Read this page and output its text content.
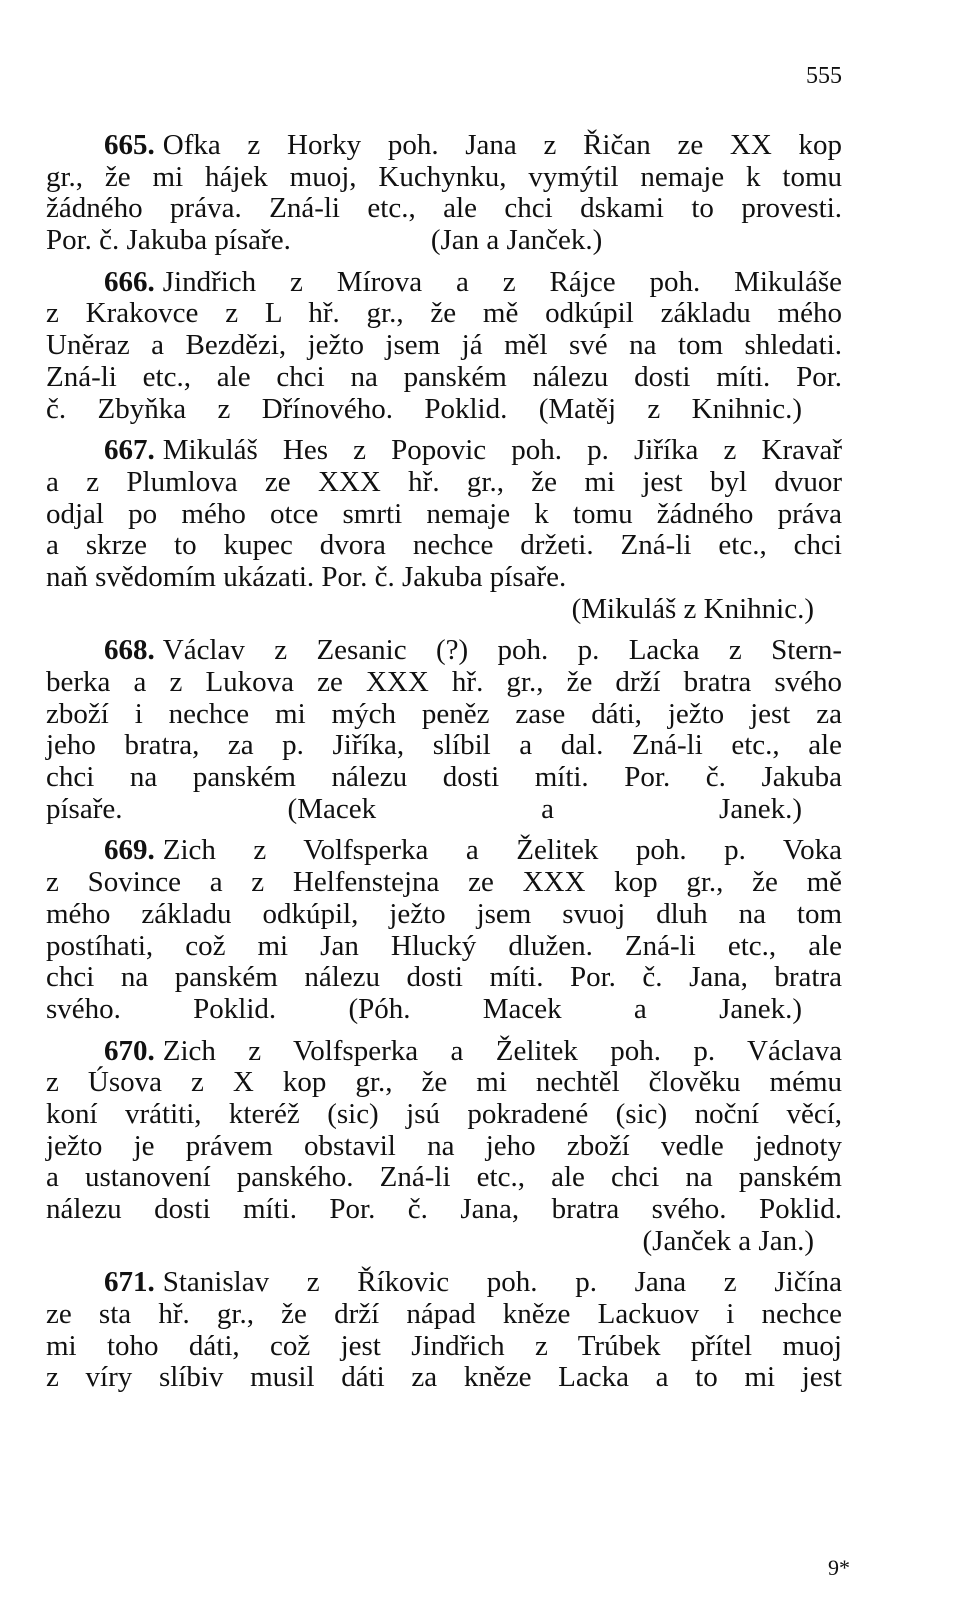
555
665. Ofka z Horky poh. Jana z Řičan ze XX kop
gr., že mi hájek muoj, Kuchynku, vymýtil nemaje k tomu
žádného práva. Zná-li etc., ale chci dskami to provesti.
Por. č. Jakuba písaře.	(Jan a Janček.)
666. Jindřich z Mírova a z Rájce poh. Mikuláše
z Krakovce z L hř. gr., že mě odkúpil základu mého
Uněraz a Bezdězi, ježto jsem já měl své na tom shledati.
Zná-li etc., ale chci na panském nálezu dosti míti. Por.
č. Zbyňka z Dřínového. Poklid. (Matěj z Knihnic.)
667. Mikuláš Hes z Popovic poh. p. Jiříka z Kravař
a z Plumlova ze XXX hř. gr., že mi jest byl dvuor
odjal po mého otce smrti nemaje k tomu žádného práva
a skrze to kupec dvora nechce držeti. Zná-li etc., chci
naň svědomím ukázati. Por. č. Jakuba písaře.
(Mikuláš z Knihnic.)
668. Václav z Zesanic (?) poh. p. Lacka z Stern-
berka a z Lukova ze XXX hř. gr., že drží bratra svého
zboží i nechce mi mých peněz zase dáti, ježto jest za
jeho bratra, za p. Jiříka, slíbil a dal. Zná-li etc., ale
chci na panském nálezu dosti míti. Por. č. Jakuba
písaře.	(Macek a Janek.)
669. Zich z Volfsperka a Želitek poh. p. Voka
z Sovince a z Helfenstejna ze XXX kop gr., že mě
mého základu odkúpil, ježto jsem svuoj dluh na tom
postíhati, což mi Jan Hlucký dlužen. Zná-li etc., ale
chci na panském nálezu dosti míti. Por. č. Jana, bratra
svého. Poklid. (Póh. Macek a Janek.)
670. Zich z Volfsperka a Želitek poh. p. Václava
z Úsova z X kop gr., že mi nechtěl člověku mému
koní vrátiti, kteréž (sic) jsú pokradené (sic) noční věcí,
ježto je právem obstavil na jeho zboží vedle jednoty
a ustanovení panského. Zná-li etc., ale chci na panském
nálezu dosti míti. Por. č. Jana, bratra svého. Poklid.
(Janček a Jan.)
671. Stanislav z Říkovic poh. p. Jana z Jičína
ze sta hř. gr., že drží nápad kněze Lackuov i nechce
mi toho dáti, což jest Jindřich z Trúbek přítel muoj
z víry slíbiv musil dáti za kněze Lacka a to mi jest
9*
